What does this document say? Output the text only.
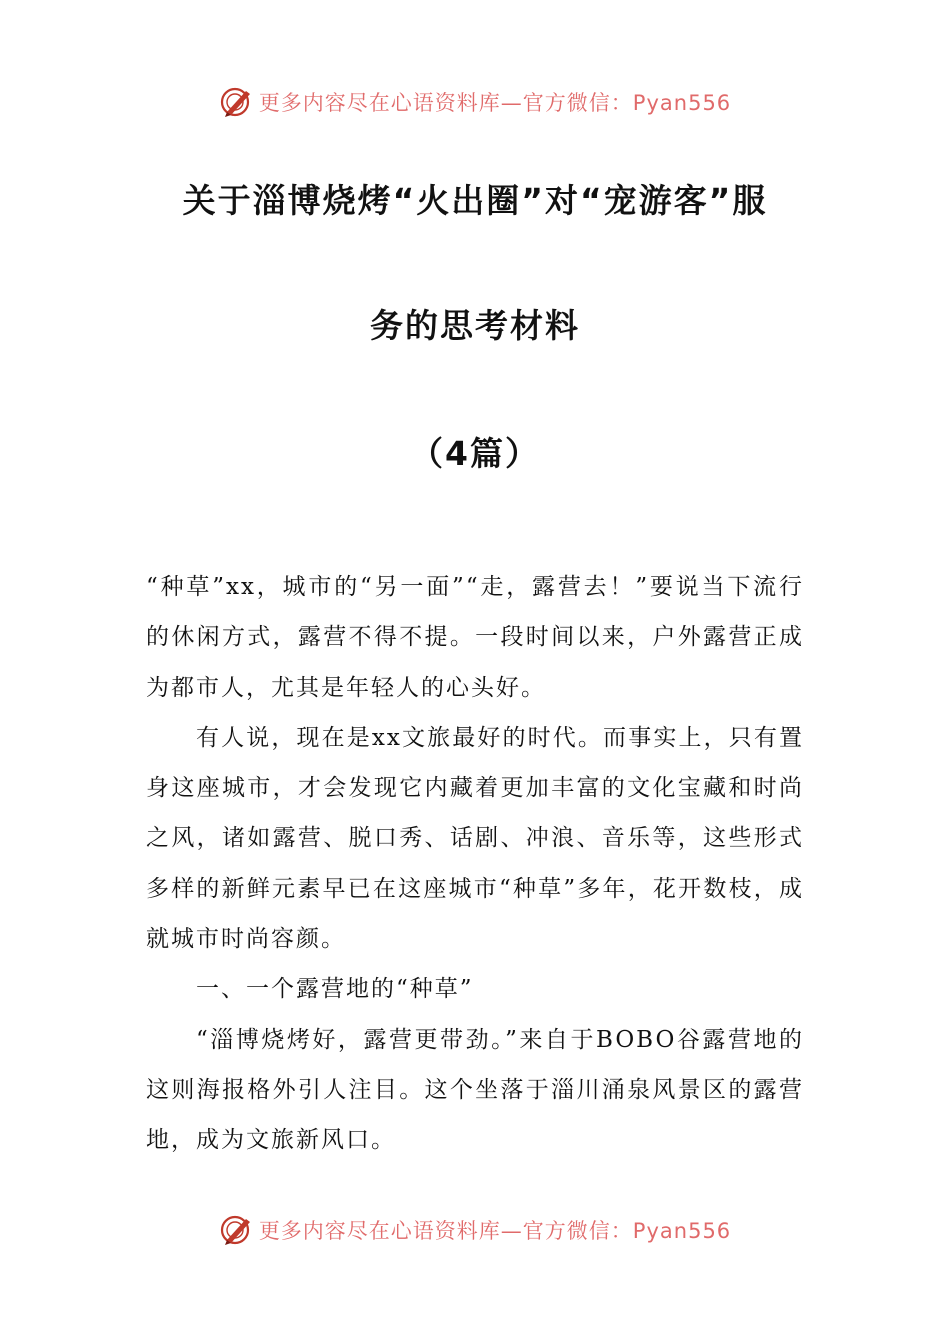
更多内容尽在心语资料库—官方微信：Pyan556
关于淄博烧烤“火出圈”对“宠游客”服
务的思考材料
（4篇）

“种草”xx，城市的“另一面”“走，露营去！”要说当下流行的休闲方式，露营不得不提。一段时间以来，户外露营正成为都市人，尤其是年轻人的心头好。

有人说，现在是xx文旅最好的时代。而事实上，只有置身这座城市，才会发现它内藏着更加丰富的文化宝藏和时尚之风，诸如露营、脱口秀、话剧、冲浪、音乐等，这些形式多样的新鲜元素早已在这座城市“种草”多年，花开数枝，成就城市时尚容颜。

一、一个露营地的“种草”

“淄博烧烤好，露营更带劲。”来自于BOBO谷露营地的这则海报格外引人注目。这个坐落于淄川涌泉风景区的露营地，成为文旅新风口。

更多内容尽在心语资料库—官方微信：Pyan556
